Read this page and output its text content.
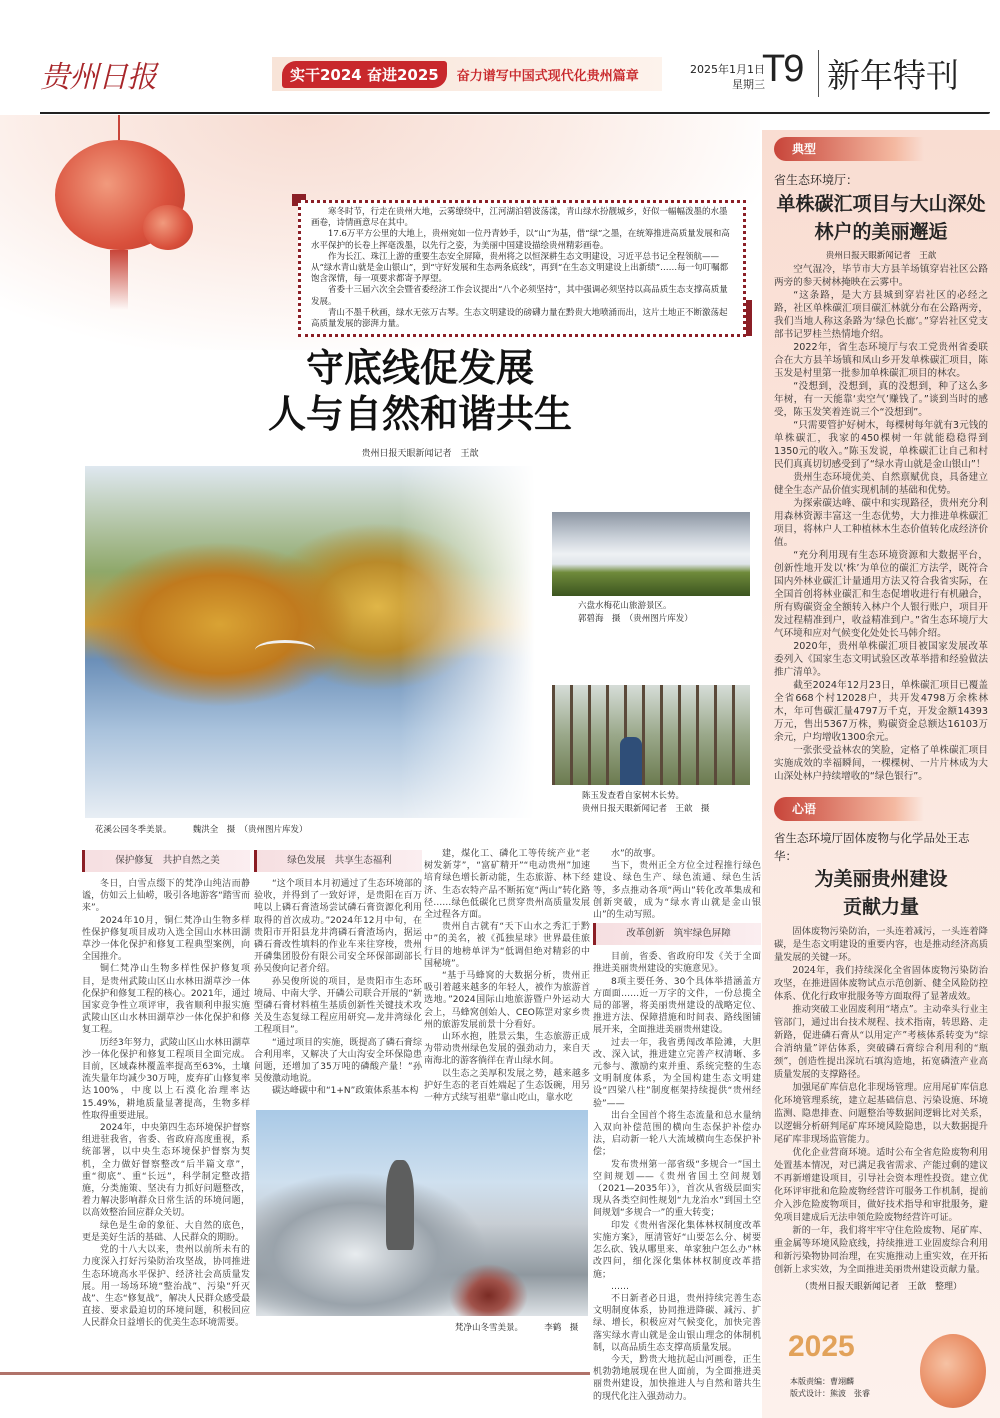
贵州日报	实干2024 奋进2025	奋力谱写中国式现代化贵州篇章	2025年1月1日
星期三
T9 新年特刊

寒冬时节，行走在贵州大地，云雾缭绕中，江河湖泊碧波荡漾，青山绿水扮靓城乡，好似一幅幅泼墨的水墨画卷，诗情画意尽在其中。

17.6万平方公里的大地上，贵州宛如一位丹青妙手，以“山”为基，借“绿”之墨，在统筹推进高质量发展和高水平保护的长卷上挥毫泼墨，以先行之姿，为美丽中国建设描绘贵州精彩画卷。

作为长江、珠江上游的重要生态安全屏障，贵州将之以恒深耕生态文明建设，习近平总书记全程领航——从“绿水青山就是金山银山”，到“守好发展和生态两条底线”，再到“在生态文明建设上出新绩”……每一句叮嘱都饱含深情，每一项要求都寄予厚望。

省委十三届六次全会暨省委经济工作会议提出“八个必须坚持”，其中强调必须坚持以高品质生态支撑高质量发展。

青山不墨千秋画，绿水无弦万古琴。生态文明建设的磅礴力量在黔贵大地喷涌而出，这片土地正不断激荡起高质量发展的澎湃力量。

守底线促发展
人与自然和谐共生
贵州日报天眼新闻记者　王歆
花溪公园冬季美景。　　　	魏洪全　摄　（贵州图片库发）
六盘水梅花山旅游景区。
郭碧海　摄　（贵州图片库发）
陈玉发查看自家树木长势。
贵州日报天眼新闻记者　王歆　摄
保护修复　共护自然之美

冬日，白雪点缀下的梵净山纯洁而静谧，仿如云上仙崂，吸引各地游客“踏雪而来”。

2024年10月，铜仁梵净山生物多样性保护修复项目成功入选全国山水林田湖草沙一体化保护和修复工程典型案例，向全国推介。

铜仁梵净山生物多样性保护修复项目，是贵州武陵山区山水林田湖草沙一体化保护和修复工程的核心。2021年，通过国家竞争性立项评审，我省顺利申报实施武陵山区山水林田湖草沙一体化保护和修复工程。

历经3年努力，武陵山区山水林田湖草沙一体化保护和修复工程项目全面完成。目前，区域森林覆盖率提高至63%，土壤流失量年均减少30万吨，废弃矿山修复率达100%，中度以上石漠化治理率达15.49%，耕地质量显著提高，生物多样性取得重要进展。

2024年，中央第四生态环境保护督察组进驻我省，省委、省政府高度重视，系统部署，以中央生态环境保护督察为契机，全力做好督察整改“后半篇文章”，重“彻底”、重“长远”，科学制定整改措施，分类施策、坚决有力抓好问题整改，着力解决影响群众日常生活的环境问题，以高效整治回应群众关切。

绿色是生命的象征、大自然的底色，更是美好生活的基础、人民群众的期盼。

党的十八大以来，贵州以前所未有的力度深入打好污染防治攻坚战，协同推进生态环境高水平保护、经济社会高质量发展。用一场场环境“整治战”、污染“歼灭战”、生态“修复战”，解决人民群众感受最直接、要求最迫切的环境问题，积极回应人民群众日益增长的优美生态环境需要。

绿色发展　共享生态福利

“这个项目本月初通过了生态环境部的验收，并得到了一致好评，是贵阳在百万吨以上磷石膏渣场尝试磷石膏资源化利用取得的首次成功。”2024年12月中旬，在贵阳市开阳县龙井湾磷石膏渣场内，据运磷石膏改性填料的作业车来往穿梭，贵州开磷集团股份有限公司安全环保部副部长孙吴俊向记者介绍。

孙吴俊所说的项目，是贵阳市生态环境局、中南大学、开磷公司联合开展的“新型磷石膏材料植生基质创新性关键技术攻关及生态复绿工程应用研究—龙井湾绿化工程项目”。

“通过项目的实施，既提高了磷石膏综合利用率，又解决了大山沟安全环保隐患问题，还增加了35万吨的磷酸产量！”孙吴俊激动地说。

碳达峰碳中和“1+N”政策体系基本构

建，煤化工、磷化工等传统产业“老树发新芽”，“富矿精开”“电动贵州”加速培育绿色增长新动能，生态旅游、林下经济、生态农特产品不断拓宽“两山”转化路径……绿色低碳化已贯穿贵州高质量发展全过程各方面。

贵州自古就有“天下山水之秀汇于黔中”的美名，被《孤独星球》世界最佳旅行目的地榜单评为“低调但绝对精彩的中国秘境”。

“基于马蜂窝的大数据分析，贵州正吸引着越来越多的年轻人，被作为旅游首选地。”2024国际山地旅游暨户外运动大会上，马蜂窝创始人、CEO陈罡对家乡贵州的旅游发展前景十分看好。

山环水抱，胜景云集，生态旅游正成为带动贵州绿色发展的强劲动力，来自天南海北的游客徜徉在青山绿水间。

以生态之美厚积发展之势，越来越多护好生态的老百姓端起了生态饭碗，用另一种方式续写祖辈“靠山吃山，靠水吃

水”的故事。

当下，贵州正全方位全过程推行绿色建设、绿色生产、绿色流通、绿色生活等，多点推动各项“两山”转化改革集成和创新突破，成为“绿水青山就是金山银山”的生动写照。

改革创新　筑牢绿色屏障

目前，省委、省政府印发《关于全面推进美丽贵州建设的实施意见》。

8项主要任务、30个具体举措涵盖方方面面……近一万字的文件，一份总揽全局的部署，将美丽贵州建设的战略定位、推进方法、保障措施和时间表、路线图铺展开来，全面推进美丽贵州建设。

过去一年，我省勇闯改革险滩，大胆改、深入试，推进建立完善产权清晰、多元参与、激励约束并重、系统完整的生态文明制度体系，为全国构建生态文明建设“四梁八柱”制度框架持续提供“贵州经验”——

出台全国首个将生态流量和总水量纳入双向补偿范围的横向生态保护补偿办法，启动新一轮八大流域横向生态保护补偿；

发布贵州第一部省级“多规合一”国土空间规划——《贵州省国土空间规划（2021—2035年）》，首次从省级层面实现从各类空间性规划“九龙治水”到国土空间规划“多规合一”的重大转变；

印发《贵州省深化集体林权制度改革实施方案》，厘清管好“山要怎么分、树要怎么砍、钱从哪里来、单家独户怎么办”林改四问，细化深化集体林权制度改革措施；

……

不日新者必日退，贵州持续完善生态文明制度体系，协同推进降碳、减污、扩绿、增长，积极应对气候变化，加快完善落实绿水青山就是金山银山理念的体制机制，以高品质生态支撑高质量发展。

今天，黔贵大地抗起山河画卷，正生机勃勃地展现在世人面前，为全面推进美丽贵州建设，加快推进人与自然和谐共生的现代化注入强劲动力。

梵净山冬雪美景。　　　	李鹤　摄
典型
省生态环境厅：
单株碳汇项目与大山深处林户的美丽邂逅
贵州日报天眼新闻记者　王歆

空气湿冷，毕节市大方县羊场镇穿岩社区公路两旁的参天树林掩映在云雾中。

“这条路，是大方县城到穿岩社区的必经之路，社区单株碳汇项目碳汇林就分布在公路两旁，我们当地人称这条路为‘绿色长廊’。”穿岩社区党支部书记罗桂兰热情地介绍。

2022年，省生态环境厅与农工党贵州省委联合在大方县羊场镇和凤山乡开发单株碳汇项目，陈玉发是村里第一批参加单株碳汇项目的林农。

“没想到，没想到，真的没想到，种了这么多年树，有一天能靠‘卖空气’赚钱了。”谈到当时的感受，陈玉发笑着连说三个“没想到”。

“只需要管护好树木，每棵树每年就有3元钱的单株碳汇，我家的450棵树一年就能稳稳得到1350元的收入。”陈玉发说，单株碳汇让自己和村民们真真切切感受到了“绿水青山就是金山银山”！

贵州生态环境优美、自然禀赋优良，具备建立健全生态产品价值实现机制的基础和优势。

为探索碳达峰、碳中和实现路径，贵州充分利用森林资源丰富这一生态优势，大力推进单株碳汇项目，将林户人工种植林木生态价值转化成经济价值。

“充分利用现有生态环境资源和大数据平台，创新性地开发以‘株’为单位的碳汇方法学，既符合国内外林业碳汇计量通用方法又符合我省实际，在全国首创将林业碳汇和生态促增收进行有机融合，所有购碳资金全额转入林户个人银行账户，项目开发过程精准到户，收益精准到户。”省生态环境厅大气环境和应对气候变化处处长马韩介绍。

2020年，贵州单株碳汇项目被国家发展改革委列入《国家生态文明试验区改革举措和经验做法推广清单》。

截至2024年12月23日，单株碳汇项目已覆盖全省668个村12028户，共开发4798万余株林木，年可售碳汇量4797万千克，开发金额14393万元，售出5367万株，购碳资金总额达16103万余元，户均增收1300余元。

一张张受益林农的笑脸，定格了单株碳汇项目实施成效的幸福瞬间，一棵棵树、一片片林成为大山深处林户持续增收的“绿色银行”。

心语
省生态环境厅固体废物与化学品处王志华：
为美丽贵州建设
贡献力量

固体废物污染防治，一头连着减污，一头连着降碳，是生态文明建设的重要内容，也是推动经济高质量发展的关键一环。

2024年，我们持续深化全省固体废物污染防治攻坚，在推进固体废物试点示范创新、健全风险防控体系、优化行政审批服务等方面取得了显著成效。

推动突破工业固废利用“堵点”。主动牵头行业主管部门，通过出台技术规程、技术指南，转思路、走新路，促进磷石膏从“以用定产”考核体系转变为“综合消纳量”评估体系，突破磷石膏综合利用利的“瓶颈”，创造性提出深坑石填沟造地，拓宽磷渣产业高质量发展的支撑路径。

加强尾矿库信息化非现场管理。应用尾矿库信息化环境管理系统，建立起基础信息、污染设施、环境监测、隐患排查、问题整治等数据间逻辑比对关系，以逻辑分析研判尾矿库环境风险隐患，以大数据提升尾矿库非现场监管能力。

优化企业营商环境。适时公布全省危险废物利用处置基本情况，对已满足我省需求、产能过剩的建议不再新增建设项目，引导社会资本理性投资。建立优化环评审批和危险废物经营许可服务工作机制，提前介入涉危险废物项目，做好技术指导和审批服务，避免项目建成后无法申领危险废物经营许可证。

新的一年，我们将牢牢守住危险废物、尾矿库、重金属等环境风险底线，持续推进工业固废综合利用和新污染物协同治理，在实施推动上重实效，在开拓创新上求实效，为全面推进美丽贵州建设贡献力量。

（贵州日报天眼新闻记者　王歆　整理）
2025
本版责编：曹翊麟
版式设计：熊波　张睿
